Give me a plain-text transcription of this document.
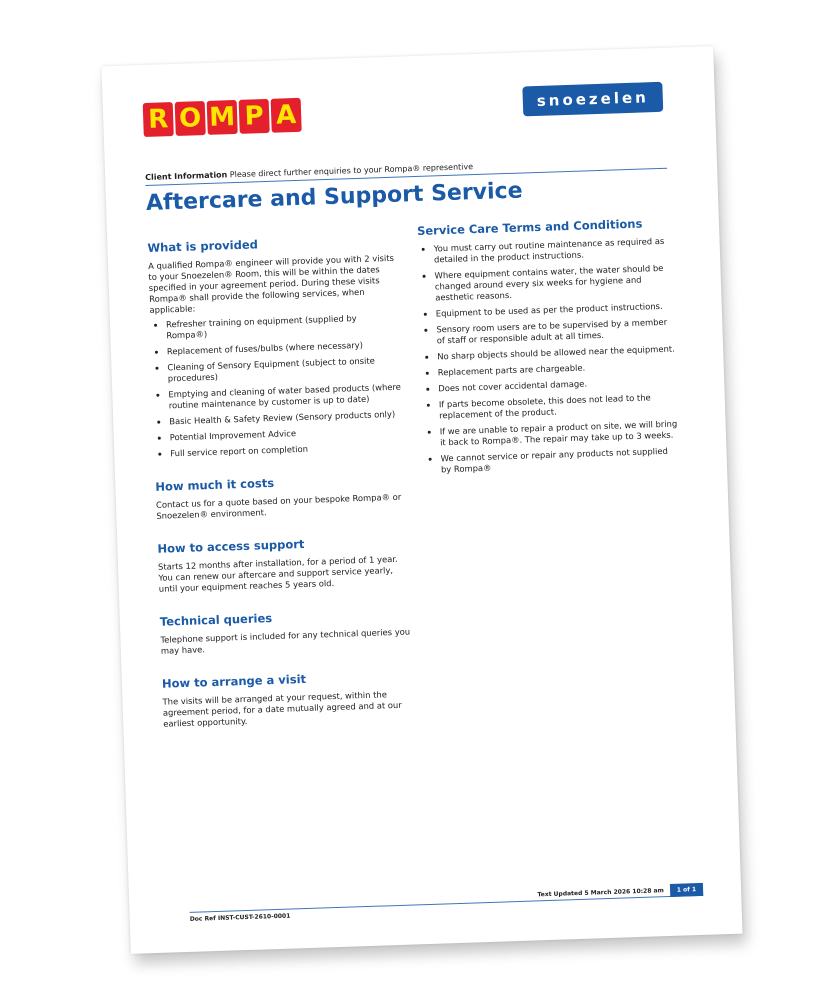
R O M P A
snoezelen
Client Information Please direct further enquiries to your Rompa® representive
Aftercare and Support Service
What is provided

A qualified Rompa® engineer will provide you with 2 visits to your Snoezelen® Room, this will be within the dates specified in your agreement period. During these visits Rompa® shall provide the following services, when applicable:

• Refresher training on equipment (supplied by Rompa®)
• Replacement of fuses/bulbs (where necessary)
• Cleaning of Sensory Equipment (subject to onsite procedures)
• Emptying and cleaning of water based products (where routine maintenance by customer is up to date)
• Basic Health & Safety Review (Sensory products only)
• Potential Improvement Advice
• Full service report on completion
How much it costs

Contact us for a quote based on your bespoke Rompa® or Snoezelen® environment.

How to access support

Starts 12 months after installation, for a period of 1 year. You can renew our aftercare and support service yearly, until your equipment reaches 5 years old.

Technical queries

Telephone support is included for any technical queries you may have.

How to arrange a visit

The visits will be arranged at your request, within the agreement period, for a date mutually agreed and at our earliest opportunity.

Service Care Terms and Conditions
• You must carry out routine maintenance as required as detailed in the product instructions.
• Where equipment contains water, the water should be changed around every six weeks for hygiene and aesthetic reasons.
• Equipment to be used as per the product instructions.
• Sensory room users are to be supervised by a member of staff or responsible adult at all times.
• No sharp objects should be allowed near the equipment.
• Replacement parts are chargeable.
• Does not cover accidental damage.
• If parts become obsolete, this does not lead to the replacement of the product.
• If we are unable to repair a product on site, we will bring it back to Rompa®. The repair may take up to 3 weeks.
• We cannot service or repair any products not supplied by Rompa®
Text Updated 5 March 2026 10:28 am	1 of 1
Doc Ref INST-CUST-2610-0001
